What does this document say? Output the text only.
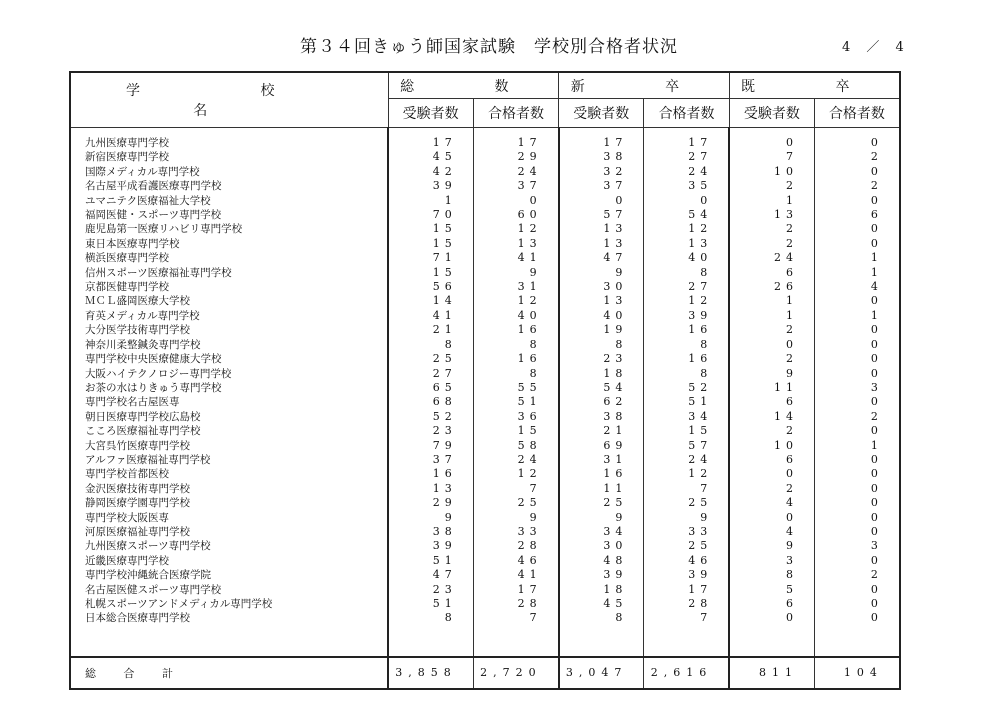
第３４回きゅう師国家試験　学校別合格者状況	4 ／ 4
学 校 名	総 数		新 卒		既 卒	
	受験者数	合格者数	受験者数	合格者数	受験者数	合格者数

九州医療専門学校	17	17	17	17	0	0
新宿医療専門学校	45	29	38	27	7	2
国際メディカル専門学校	42	24	32	24	10	0
名古屋平成看護医療専門学校	39	37	37	35	2	2
ユマニテク医療福祉大学校	1	0	0	0	1	0
福岡医健・スポーツ専門学校	70	60	57	54	13	6
鹿児島第一医療リハビリ専門学校	15	12	13	12	2	0
東日本医療専門学校	15	13	13	13	2	0
横浜医療専門学校	71	41	47	40	24	1
信州スポーツ医療福祉専門学校	15	9	9	8	6	1
京都医健専門学校	56	31	30	27	26	4
ＭＣＬ盛岡医療大学校	14	12	13	12	1	0
育英メディカル専門学校	41	40	40	39	1	1
大分医学技術専門学校	21	16	19	16	2	0
神奈川柔整鍼灸専門学校	8	8	8	8	0	0
専門学校中央医療健康大学校	25	16	23	16	2	0
大阪ハイテクノロジー専門学校	27	8	18	8	9	0
お茶の水はりきゅう専門学校	65	55	54	52	11	3
専門学校名古屋医専	68	51	62	51	6	0
朝日医療専門学校広島校	52	36	38	34	14	2
こころ医療福祉専門学校	23	15	21	15	2	0
大宮呉竹医療専門学校	79	58	69	57	10	1
アルファ医療福祉専門学校	37	24	31	24	6	0
専門学校首都医校	16	12	16	12	0	0
金沢医療技術専門学校	13	7	11	7	2	0
静岡医療学園専門学校	29	25	25	25	4	0
専門学校大阪医専	9	9	9	9	0	0
河原医療福祉専門学校	38	33	34	33	4	0
九州医療スポーツ専門学校	39	28	30	25	9	3
近畿医療専門学校	51	46	48	46	3	0
専門学校沖縄統合医療学院	47	41	39	39	8	2
名古屋医健スポーツ専門学校	23	17	18	17	5	0
札幌スポーツアンドメディカル専門学校	51	28	45	28	6	0
日本総合医療専門学校	8	7	8	7	0	0

総 合 計	3,858	2,720	3,047	2,616	811	104
